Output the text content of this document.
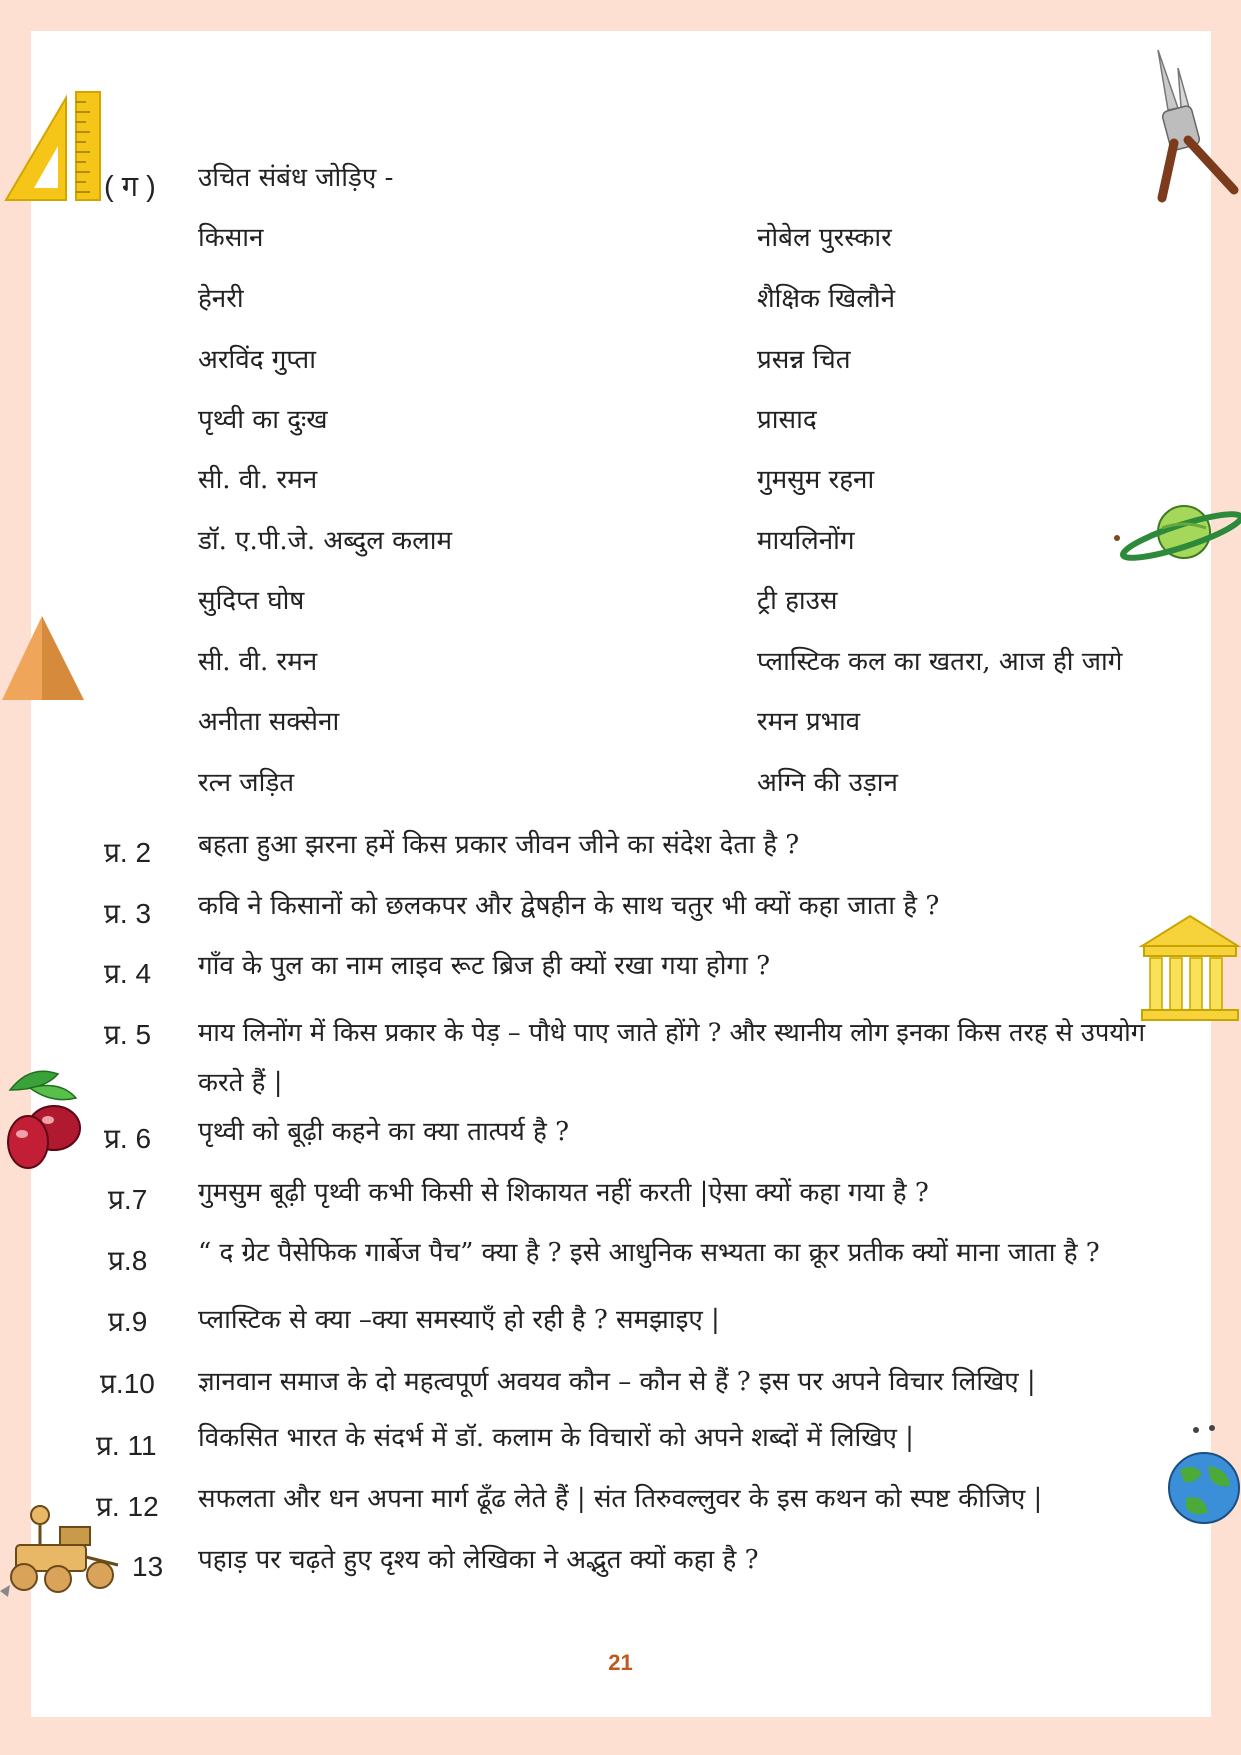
( ग ) उचित संबंध जोड़िए -
किसान
हेनरी
अरविंद गुप्ता
पृथ्वी का दुःख
सी. वी. रमन
डॉ. ए.पी.जे. अब्दुल कलाम
सुदिप्त घोष
सी. वी. रमन
अनीता सक्सेना
रत्न जड़ित
नोबेल पुरस्कार
शैक्षिक खिलौने
प्रसन्न चित
प्रासाद
गुमसुम रहना
मायलिनोंग
ट्री हाउस
प्लास्टिक कल का खतरा, आज ही जागे
रमन प्रभाव
अग्नि की उड़ान
प्र. 2 बहता हुआ झरना हमें किस प्रकार जीवन जीने का संदेश देता है ?
प्र. 3 कवि ने किसानों को छलकपर और द्वेषहीन के साथ चतुर भी क्यों कहा जाता है ?
प्र. 4 गाँव के पुल का नाम लाइव रूट ब्रिज ही क्यों रखा गया होगा ?
प्र. 5 माय लिनोंग में किस प्रकार के पेड़ – पौधे पाए जाते होंगे ? और स्थानीय लोग इनका किस तरह से उपयोग
करते हैं |
प्र. 6 पृथ्वी को बूढ़ी कहने का क्या तात्पर्य है ?
प्र.7 गुमसुम बूढ़ी पृथ्वी कभी किसी से शिकायत नहीं करती |ऐसा क्यों कहा गया है ?
प्र.8 “ द ग्रेट पैसेफिक गार्बेज पैच” क्या है ? इसे आधुनिक सभ्यता का क्रूर प्रतीक क्यों माना जाता है ?
प्र.9 प्लास्टिक से क्या –क्या समस्याएँ हो रही है ? समझाइए |
प्र.10 ज्ञानवान समाज के दो महत्वपूर्ण अवयव कौन – कौन से हैं ? इस पर अपने विचार लिखिए |
प्र. 11 विकसित भारत के संदर्भ में डॉ. कलाम के विचारों को अपने शब्दों में लिखिए |
प्र. 12 सफलता और धन अपना मार्ग ढूँढ लेते हैं | संत तिरुवल्लुवर के इस कथन को स्पष्ट कीजिए |
13 पहाड़ पर चढ़ते हुए दृश्य को लेखिका ने अद्भुत क्यों कहा है ?
21
